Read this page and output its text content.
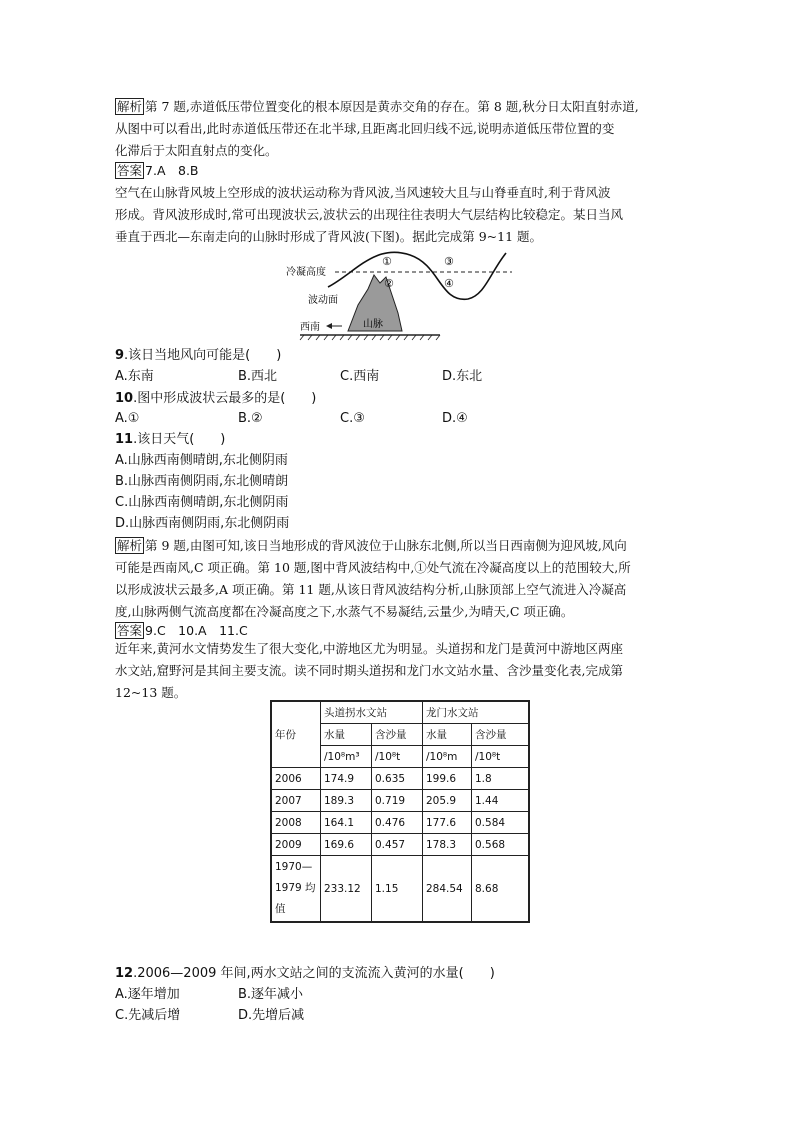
解析 第 7 题,赤道低压带位置变化的根本原因是黄赤交角的存在。第 8 题,秋分日太阳直射赤道,
从图中可以看出,此时赤道低压带还在北半球,且距离北回归线不远,说明赤道低压带位置的变
化滞后于太阳直射点的变化。
答案 7.A　8.B
空气在山脉背风坡上空形成的波状运动称为背风波,当风速较大且与山脊垂直时,利于背风波
形成。背风波形成时,常可出现波状云,波状云的出现往往表明大气层结构比较稳定。某日当风
垂直于西北—东南走向的山脉时形成了背风波(下图)。据此完成第 9~11 题。
冷凝高度
波动面
山脉
西南
①
②
③
④
9.该日当地风向可能是(　　)
A.东南	B.西北	C.西南	D.东北
10.图中形成波状云最多的是(　　)
A.①	B.②	C.③	D.④
11.该日天气(　　)
A.山脉西南侧晴朗,东北侧阴雨
B.山脉西南侧阴雨,东北侧晴朗
C.山脉西南侧晴朗,东北侧阴雨
D.山脉西南侧阴雨,东北侧阴雨
解析 第 9 题,由图可知,该日当地形成的背风波位于山脉东北侧,所以当日西南侧为迎风坡,风向
可能是西南风,C 项正确。第 10 题,图中背风波结构中,①处气流在冷凝高度以上的范围较大,所
以形成波状云最多,A 项正确。第 11 题,从该日背风波结构分析,山脉顶部上空气流进入冷凝高
度,山脉两侧气流高度都在冷凝高度之下,水蒸气不易凝结,云量少,为晴天,C 项正确。
答案 9.C　10.A　11.C
近年来,黄河水文情势发生了很大变化,中游地区尤为明显。头道拐和龙门是黄河中游地区两座
水文站,窟野河是其间主要支流。读不同时期头道拐和龙门水文站水量、含沙量变化表,完成第
12~13 题。
年份	头道拐水文站		龙门水文站	
	水量	含沙量	水量	含沙量
	/10⁸m³	/10⁸t	/10⁸m	/10⁸t
2006	174.9	0.635	199.6	1.8
2007	189.3	0.719	205.9	1.44
2008	164.1	0.476	177.6	0.584
2009	169.6	0.457	178.3	0.568

1970—
1979 均
值	233.12	1.15	284.54	8.68
12.2006—2009 年间,两水文站之间的支流流入黄河的水量(　　)
A.逐年增加	B.逐年减小
C.先减后增	D.先增后减
